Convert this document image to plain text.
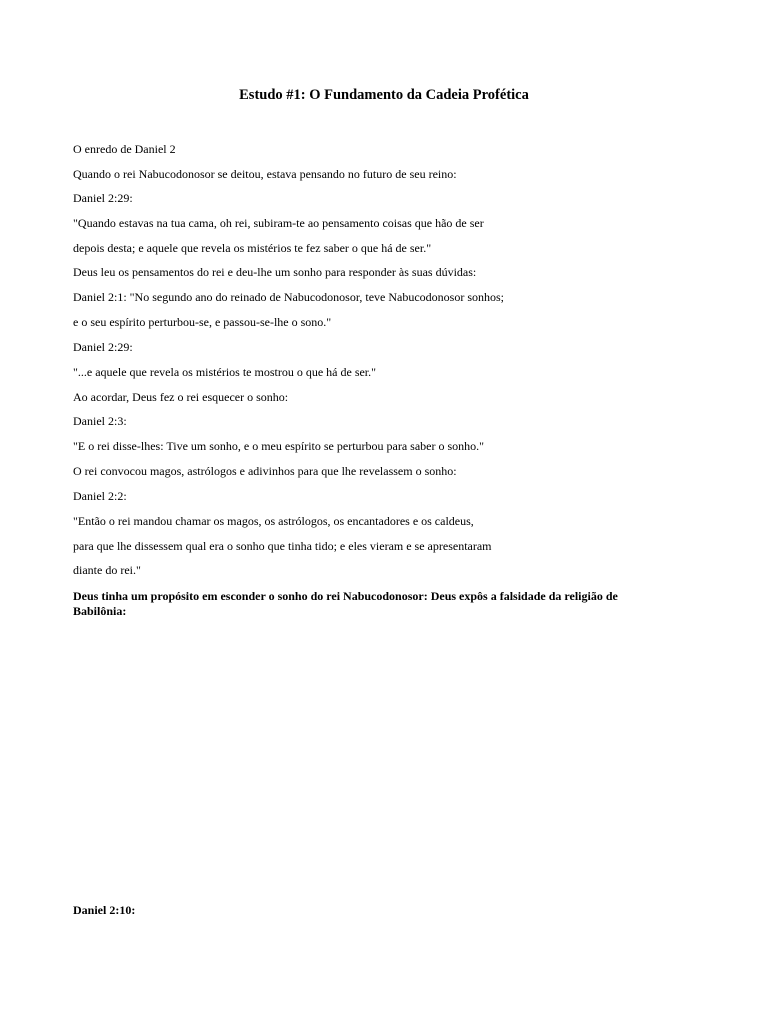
Estudo #1: O Fundamento da Cadeia Profética
O enredo de Daniel 2
Quando o rei Nabucodonosor se deitou, estava pensando no futuro de seu reino:
Daniel 2:29:
"Quando estavas na tua cama, oh rei, subiram-te ao pensamento coisas que hão de ser
depois desta; e aquele que revela os mistérios te fez saber o que há de ser."
Deus leu os pensamentos do rei e deu-lhe um sonho para responder às suas dúvidas:
Daniel 2:1: "No segundo ano do reinado de Nabucodonosor, teve Nabucodonosor sonhos;
e o seu espírito perturbou-se, e passou-se-lhe o sono."
Daniel 2:29:
"...e aquele que revela os mistérios te mostrou o que há de ser."
Ao acordar, Deus fez o rei esquecer o sonho:
Daniel 2:3:
"E o rei disse-lhes: Tive um sonho, e o meu espírito se perturbou para saber o sonho."
O rei convocou magos, astrólogos e adivinhos para que lhe revelassem o sonho:
Daniel 2:2:
"Então o rei mandou chamar os magos, os astrólogos, os encantadores e os caldeus,
para que lhe dissessem qual era o sonho que tinha tido; e eles vieram e se apresentaram
diante do rei."
Deus tinha um propósito em esconder o sonho do rei Nabucodonosor: Deus expôs a falsidade da religião de Babilônia:
Daniel 2:10:
